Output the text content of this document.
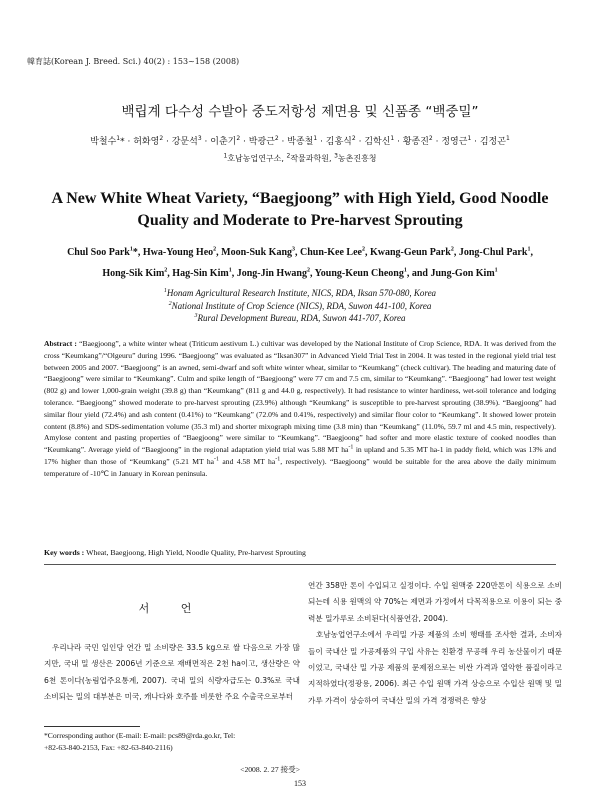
韓育誌(Korean J. Breed. Sci.) 40(2) : 153~158 (2008)
백립계 다수성 수발아 중도저항성 제면용 및 신품종 “백중밀”
박철수$^1$* · 허화영$^2$ · 강문석$^3$ · 이춘기$^2$ · 박광근$^2$ · 박종철$^1$ · 김홍식$^2$ · 김학신$^1$ · 황종진$^2$ · 정영근$^1$ · 김정곤$^1$
$^1$호남농업연구소, $^2$작물과학원, $^3$농촌진흥청
A New White Wheat Variety, “Baegjoong” with High Yield, Good Noodle Quality and Moderate to Pre-harvest Sprouting
Chul Soo Park$^1$*, Hwa-Young Heo$^2$, Moon-Suk Kang$^3$, Chun-Kee Lee$^2$, Kwang-Geun Park$^2$, Jong-Chul Park$^1$,
Hong-Sik Kim$^2$, Hag-Sin Kim$^1$, Jong-Jin Hwang$^2$, Young-Keun Cheong$^1$, and Jung-Gon Kim$^1$
$^1$Honam Agricultural Research Institute, NICS, RDA, Iksan 570-080, Korea
$^2$National Institute of Crop Science (NICS), RDA, Suwon 441-100, Korea
$^3$Rural Development Bureau, RDA, Suwon 441-707, Korea
Abstract : “Baegjoong”, a white winter wheat (Triticum aestivum L.) cultivar was developed by the National Institute of Crop Science, RDA. It was derived from the cross “Keumkang”/“Olgeuru” during 1996. “Baegjoong” was evaluated as “Iksan307” in Advanced Yield Trial Test in 2004. It was tested in the regional yield trial test between 2005 and 2007. “Baegjoong” is an awned, semi-dwarf and soft white winter wheat, similar to “Keumkang” (check cultivar). The heading and maturing date of “Baegjoong” were similar to “Keumkang”. Culm and spike length of “Baegjoong” were 77 cm and 7.5 cm, similar to “Keumkang”. “Baegjoong” had lower test weight (802 g) and lower 1,000-grain weight (39.8 g) than “Keumkang” (811 g and 44.0 g, respectively). It had resistance to winter hardiness, wet-soil tolerance and lodging tolerance. “Baegjoong” showed moderate to pre-harvest sprouting (23.9%) although “Keumkang” is susceptible to pre-harvest sprouting (38.9%). “Baegjoong” had similar flour yield (72.4%) and ash content (0.41%) to “Keumkang” (72.0% and 0.41%, respectively) and similar flour color to “Keumkang”. It showed lower protein content (8.8%) and SDS-sedimentation volume (35.3 ml) and shorter mixograph mixing time (3.8 min) than “Keumkang” (11.0%, 59.7 ml and 4.5 min, respectively). Amylose content and pasting properties of “Baegjoong” were similar to “Keumkang”. “Baegjoong” had softer and more elastic texture of cooked noodles than “Keumkang”. Average yield of “Baegjoong” in the regional adaptation yield trial was 5.88 MT $ha^{-1}$ in upland and 5.35 MT ha-1 in paddy field, which was 13% and 17% higher than those of “Keumkang” (5.21 MT $ha^{-1}$ and 4.58 MT $ha^{-1}$, respectively). “Baegjoong” would be suitable for the area above the daily minimum temperature of -10℃ in January in Korean peninsula.
Key words : Wheat, Baegjoong, High Yield, Noodle Quality, Pre-harvest Sprouting
서 언
우리나라 국민 일인당 연간 밀 소비량은 33.5 kg으로 쌀 다음으로 가장 많지만, 국내 밀 생산은 2006년 기준으로 재배면적은 2천 ha이고, 생산량은 약 6천 톤이다(농림업주요통계, 2007). 국내 밀의 식량자급도는 0.3%로 국내 소비되는 밀의 대부분은 미국, 캐나다와 호주를 비롯한 주요 수출국으로부터
연간 358만 톤이 수입되고 실정이다. 수입 원맥중 220만톤이 식용으로 소비되는데 식용 원맥의 약 70%는 제면과 가정에서 다목적용으로 이용이 되는 중력분 밀가루로 소비된다(식품연감, 2004).
호남농업연구소에서 우리밀 가공 제품의 소비 행태를 조사한 결과, 소비자들이 국내산 밀 가공제품의 구입 사유는 친환경 무공해 우리 농산물이기 때문이었고, 국내산 밀 가공 제품의 문제점으로는 비싼 가격과 열악한 품질이라고 지적하였다(정광용, 2006). 최근 수입 원맥 가격 상승으로 수입산 원맥 및 밀가루 가격이 상승하여 국내산 밀의 가격 경쟁력은 향상
*Corresponding author (E-mail: E-mail: pcs89@rda.go.kr, Tel:
+82-63-840-2153, Fax: +82-63-840-2116)
<2008. 2. 27 接受>
153
